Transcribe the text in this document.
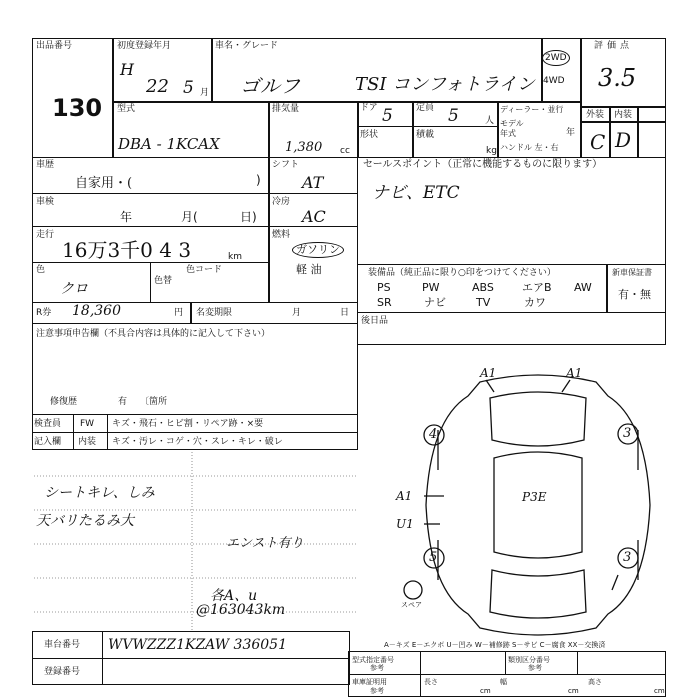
出品番号
130
初度登録年月
H
22 5 月
車名・グレード
ゴルフ	TSI コンフォトライン
2WD
4WD
評価点
3.5
外装 内装
C D
型式
DBA - 1KCAX
排気量
1,380 cc
ドア 5	定員 5	人
形状	積載
kg
ディーラー・並行
モデル年式	年
ハンドル 左・右
車歴
自家用・(	)
車検
年	月(	日)
走行
16万3千0 4 3	km
色
クロ	色替
色コード
シフト
AT
冷房
AC
燃料
ガソリン
軽 油
R券 18,360	円 名変期限	月	日
注意事項申告欄（不具合内容は具体的に記入して下さい）
修復歴	有 〔箇所
検査員
記入欄
FW キズ・飛石・ヒビ割・リペア跡・×要
内装 キズ・汚レ・コゲ・穴・スレ・キレ・破レ
シートキレ、しみ
天バリたるみ大
エンスト有り
各A、u
@163043km
セールスポイント（正常に機能するものに限ります）
ナビ、ETC
装備品（純正品に限り○印をつけてください）
PS	PW	ABS	エアB AW
SR	ナビ	TV	カワ
新車保証書
有・無
後日品
A1	A1
4	3
A1
U1
5	3
P3E
スペア
A－キズ E－エクボ U－凹み W－補修跡 S－サビ C－腐食 XX－交換済
車台番号 WVWZZZ1KZAW 336051
登録番号
型式指定番号
参考
類別区分番号
参考
車庫証明用
参考
長さ
cm
幅
cm
高さ
cm
